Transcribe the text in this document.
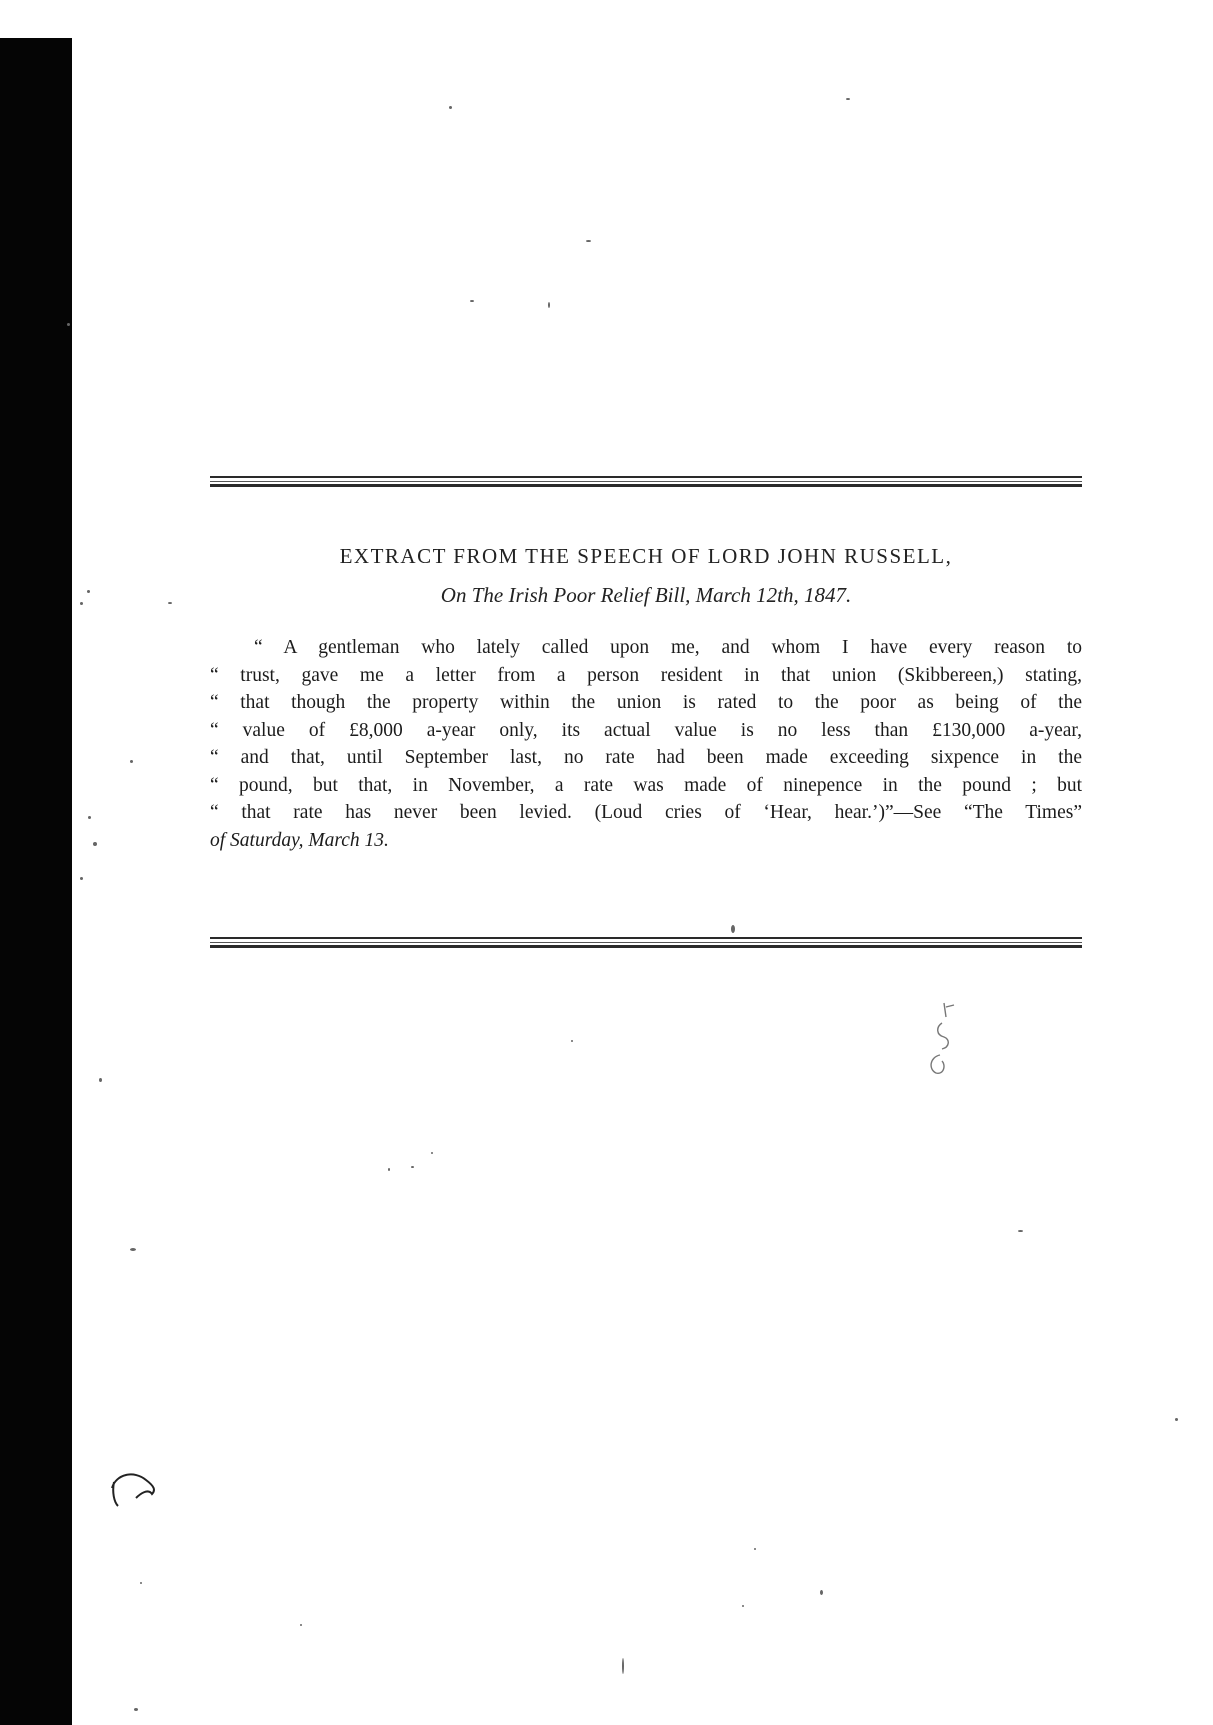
EXTRACT FROM THE SPEECH OF LORD JOHN RUSSELL,
On The Irish Poor Relief Bill, March 12th, 1847.
“ A gentleman who lately called upon me, and whom I have every reason to
“ trust, gave me a letter from a person resident in that union (Skibbereen,) stating,
“ that though the property within the union is rated to the poor as being of the
“ value of £8,000 a-year only, its actual value is no less than £130,000 a-year,
“ and that, until September last, no rate had been made exceeding sixpence in the
“ pound, but that, in November, a rate was made of ninepence in the pound ; but
“ that rate has never been levied. (Loud cries of ‘Hear, hear.’)”—See “The Times”
of Saturday, March 13.
